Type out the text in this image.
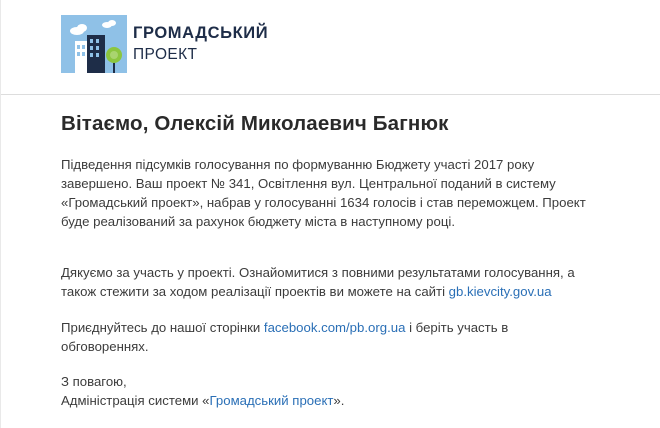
ГРОМАДСЬКИЙ
ПРОЕКТ
Вітаємо, Олексій Миколаевич Багнюк
Підведення підсумків голосування по формуванню Бюджету участі 2017 року
завершено. Ваш проект № 341, Освітлення вул. Центральної поданий в систему
«Громадський проект», набрав у голосуванні 1634 голосів і став переможцем. Проект
буде реалізований за рахунок бюджету міста в наступному році.
Дякуємо за участь у проекті. Ознайомитися з повними результатами голосування, а
також стежити за ходом реалізації проектів ви можете на сайті gb.kievcity.gov.ua
Приєднуйтесь до нашої сторінки facebook.com/pb.org.ua і беріть участь в
обговореннях.
З повагою,
Адміністрація системи «Громадський проект».
